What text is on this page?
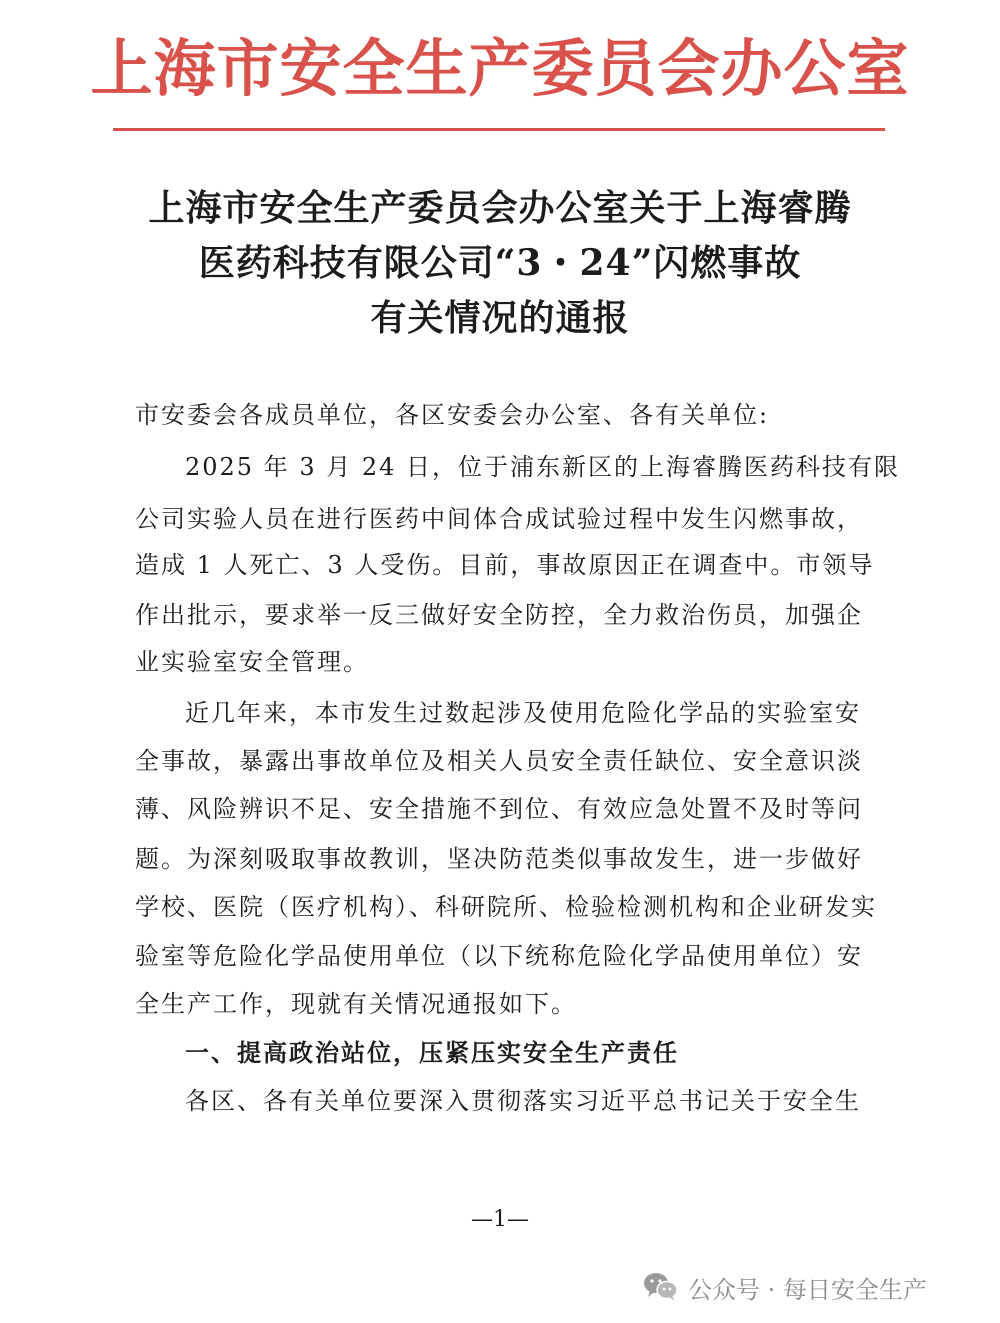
上海市安全生产委员会办公室
上海市安全生产委员会办公室关于上海睿腾
医药科技有限公司“3・24”闪燃事故
有关情况的通报
市安委会各成员单位，各区安委会办公室、各有关单位:
2025 年 3 月 24 日，位于浦东新区的上海睿腾医药科技有限
公司实验人员在进行医药中间体合成试验过程中发生闪燃事故，
造成 1 人死亡、3 人受伤。目前，事故原因正在调查中。市领导
作出批示，要求举一反三做好安全防控，全力救治伤员，加强企
业实验室安全管理。
近几年来，本市发生过数起涉及使用危险化学品的实验室安
全事故，暴露出事故单位及相关人员安全责任缺位、安全意识淡
薄、风险辨识不足、安全措施不到位、有效应急处置不及时等问
题。为深刻吸取事故教训，坚决防范类似事故发生，进一步做好
学校、医院（医疗机构）、科研院所、检验检测机构和企业研发实
验室等危险化学品使用单位（以下统称危险化学品使用单位）安
全生产工作，现就有关情况通报如下。
一、提高政治站位，压紧压实安全生产责任
各区、各有关单位要深入贯彻落实习近平总书记关于安全生
—1—
公众号 · 每日安全生产
